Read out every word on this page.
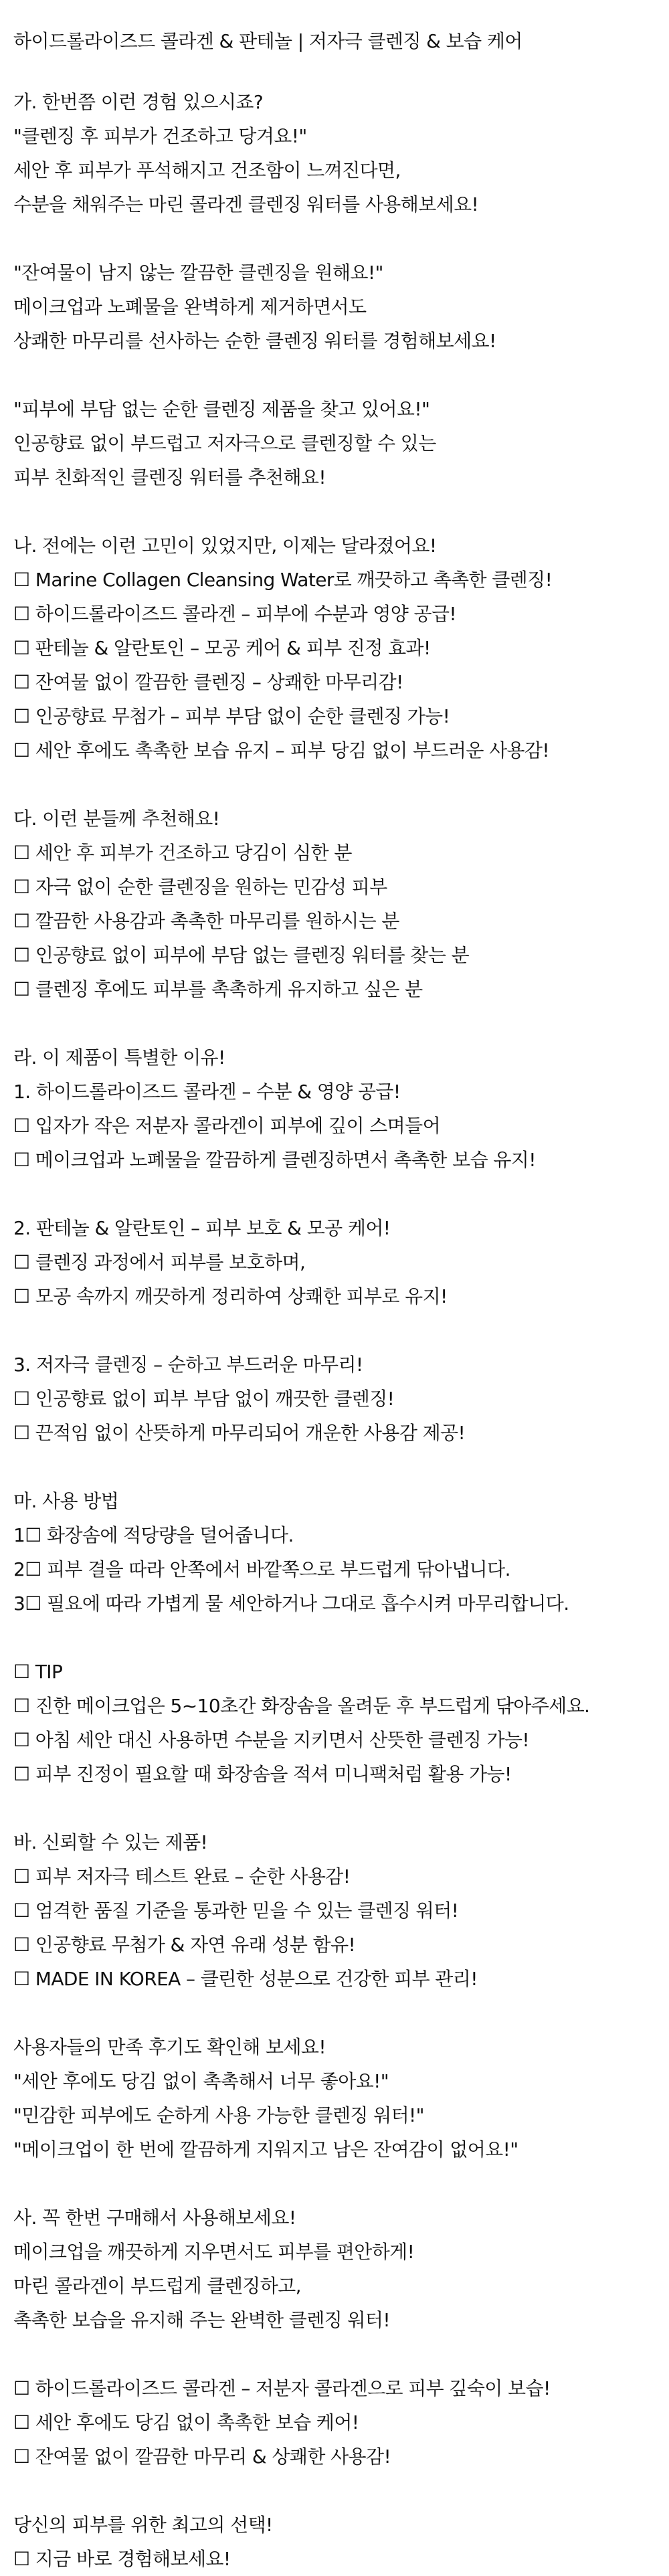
하이드롤라이즈드 콜라겐 & 판테놀 | 저자극 클렌징 & 보습 케어
가. 한번쯤 이런 경험 있으시죠?
"클렌징 후 피부가 건조하고 당겨요!"
세안 후 피부가 푸석해지고 건조함이 느껴진다면,
수분을 채워주는 마린 콜라겐 클렌징 워터를 사용해보세요!
"잔여물이 남지 않는 깔끔한 클렌징을 원해요!"
메이크업과 노폐물을 완벽하게 제거하면서도
상쾌한 마무리를 선사하는 순한 클렌징 워터를 경험해보세요!
"피부에 부담 없는 순한 클렌징 제품을 찾고 있어요!"
인공향료 없이 부드럽고 저자극으로 클렌징할 수 있는
피부 친화적인 클렌징 워터를 추천해요!
나. 전에는 이런 고민이 있었지만, 이제는 달라졌어요!
☐ Marine Collagen Cleansing Water로 깨끗하고 촉촉한 클렌징!
☐ 하이드롤라이즈드 콜라겐 – 피부에 수분과 영양 공급!
☐ 판테놀 & 알란토인 – 모공 케어 & 피부 진정 효과!
☐ 잔여물 없이 깔끔한 클렌징 – 상쾌한 마무리감!
☐ 인공향료 무첨가 – 피부 부담 없이 순한 클렌징 가능!
☐ 세안 후에도 촉촉한 보습 유지 – 피부 당김 없이 부드러운 사용감!
다. 이런 분들께 추천해요!
☐ 세안 후 피부가 건조하고 당김이 심한 분
☐ 자극 없이 순한 클렌징을 원하는 민감성 피부
☐ 깔끔한 사용감과 촉촉한 마무리를 원하시는 분
☐ 인공향료 없이 피부에 부담 없는 클렌징 워터를 찾는 분
☐ 클렌징 후에도 피부를 촉촉하게 유지하고 싶은 분
라. 이 제품이 특별한 이유!
1. 하이드롤라이즈드 콜라겐 – 수분 & 영양 공급!
☐ 입자가 작은 저분자 콜라겐이 피부에 깊이 스며들어
☐ 메이크업과 노폐물을 깔끔하게 클렌징하면서 촉촉한 보습 유지!
2. 판테놀 & 알란토인 – 피부 보호 & 모공 케어!
☐ 클렌징 과정에서 피부를 보호하며,
☐ 모공 속까지 깨끗하게 정리하여 상쾌한 피부로 유지!
3. 저자극 클렌징 – 순하고 부드러운 마무리!
☐ 인공향료 없이 피부 부담 없이 깨끗한 클렌징!
☐ 끈적임 없이 산뜻하게 마무리되어 개운한 사용감 제공!
마. 사용 방법
1☐ 화장솜에 적당량을 덜어줍니다.
2☐ 피부 결을 따라 안쪽에서 바깥쪽으로 부드럽게 닦아냅니다.
3☐ 필요에 따라 가볍게 물 세안하거나 그대로 흡수시켜 마무리합니다.
☐ TIP
☐ 진한 메이크업은 5~10초간 화장솜을 올려둔 후 부드럽게 닦아주세요.
☐ 아침 세안 대신 사용하면 수분을 지키면서 산뜻한 클렌징 가능!
☐ 피부 진정이 필요할 때 화장솜을 적셔 미니팩처럼 활용 가능!
바. 신뢰할 수 있는 제품!
☐ 피부 저자극 테스트 완료 – 순한 사용감!
☐ 엄격한 품질 기준을 통과한 믿을 수 있는 클렌징 워터!
☐ 인공향료 무첨가 & 자연 유래 성분 함유!
☐ MADE IN KOREA – 클린한 성분으로 건강한 피부 관리!
사용자들의 만족 후기도 확인해 보세요!
"세안 후에도 당김 없이 촉촉해서 너무 좋아요!"
"민감한 피부에도 순하게 사용 가능한 클렌징 워터!"
"메이크업이 한 번에 깔끔하게 지워지고 남은 잔여감이 없어요!"
사. 꼭 한번 구매해서 사용해보세요!
메이크업을 깨끗하게 지우면서도 피부를 편안하게!
마린 콜라겐이 부드럽게 클렌징하고,
촉촉한 보습을 유지해 주는 완벽한 클렌징 워터!
☐ 하이드롤라이즈드 콜라겐 – 저분자 콜라겐으로 피부 깊숙이 보습!
☐ 세안 후에도 당김 없이 촉촉한 보습 케어!
☐ 잔여물 없이 깔끔한 마무리 & 상쾌한 사용감!
당신의 피부를 위한 최고의 선택!
☐ 지금 바로 경험해보세요!
